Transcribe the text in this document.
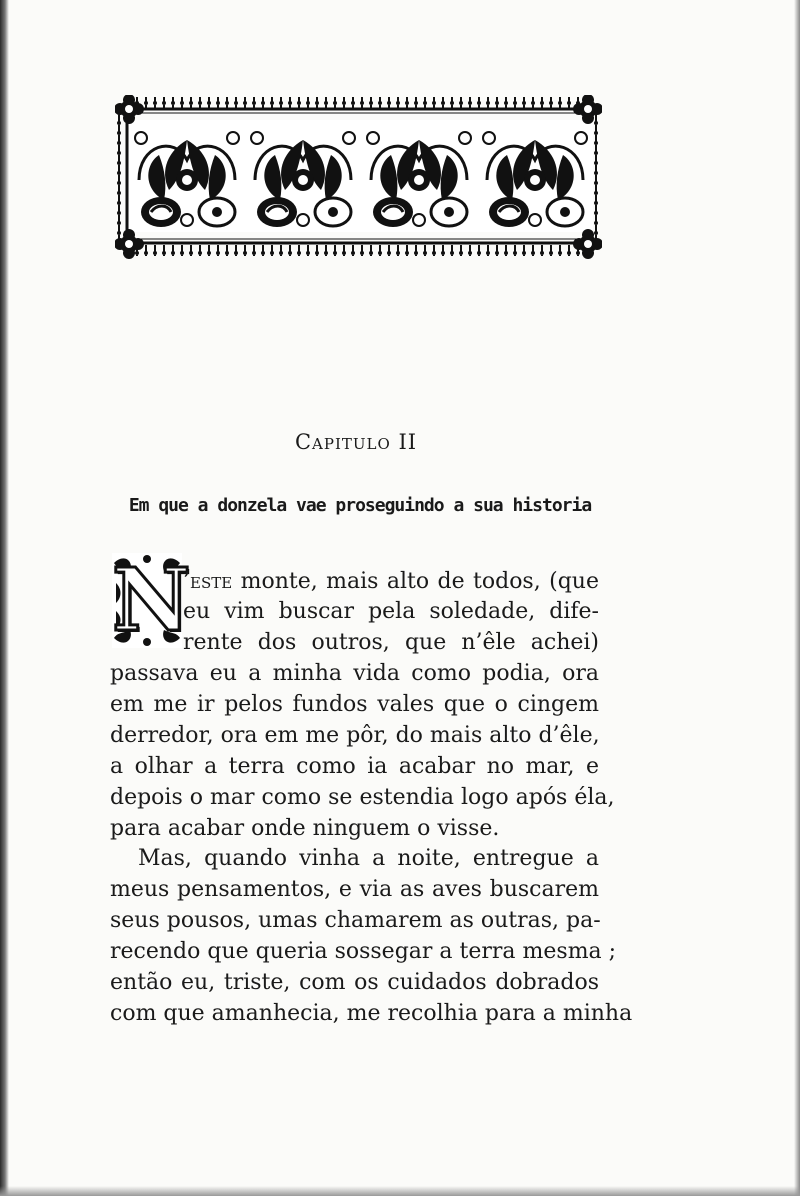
Capitulo II
Em que a donzela vae proseguindo a sua historia
N
’este monte, mais alto de todos, (que
eu vim buscar pela soledade, dife-
rente dos outros, que n’êle achei)
passava eu a minha vida como podia, ora
em me ir pelos fundos vales que o cingem
derredor, ora em me pôr, do mais alto d’êle,
a olhar a terra como ia acabar no mar, e
depois o mar como se estendia logo após éla,
para acabar onde ninguem o visse.
Mas, quando vinha a noite, entregue a
meus pensamentos, e via as aves buscarem
seus pousos, umas chamarem as outras, pa-
recendo que queria sossegar a terra mesma ;
então eu, triste, com os cuidados dobrados
com que amanhecia, me recolhia para a minha
